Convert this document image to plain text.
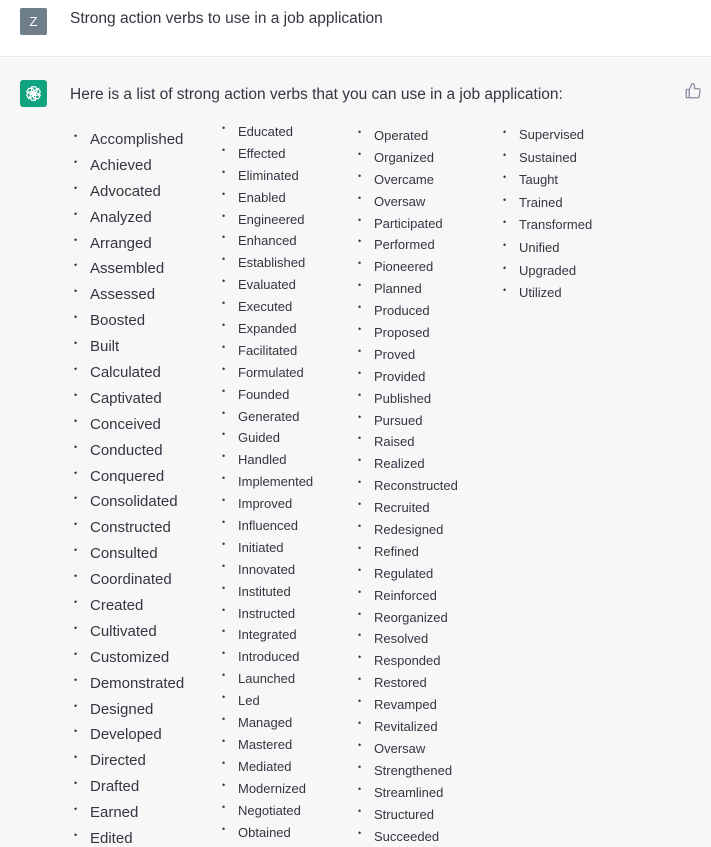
Z Strong action verbs to use in a job application
Here is a list of strong action verbs that you can use in a job application:
• Accomplished
• Achieved
• Advocated
• Analyzed
• Arranged
• Assembled
• Assessed
• Boosted
• Built
• Calculated
• Captivated
• Conceived
• Conducted
• Conquered
• Consolidated
• Constructed
• Consulted
• Coordinated
• Created
• Cultivated
• Customized
• Demonstrated
• Designed
• Developed
• Directed
• Drafted
• Earned
• Edited
• Educated
• Effected
• Eliminated
• Enabled
• Engineered
• Enhanced
• Established
• Evaluated
• Executed
• Expanded
• Facilitated
• Formulated
• Founded
• Generated
• Guided
• Handled
• Implemented
• Improved
• Influenced
• Initiated
• Innovated
• Instituted
• Instructed
• Integrated
• Introduced
• Launched
• Led
• Managed
• Mastered
• Mediated
• Modernized
• Negotiated
• Obtained
• Operated
• Organized
• Overcame
• Oversaw
• Participated
• Performed
• Pioneered
• Planned
• Produced
• Proposed
• Proved
• Provided
• Published
• Pursued
• Raised
• Realized
• Reconstructed
• Recruited
• Redesigned
• Refined
• Regulated
• Reinforced
• Reorganized
• Resolved
• Responded
• Restored
• Revamped
• Revitalized
• Oversaw
• Strengthened
• Streamlined
• Structured
• Succeeded
• Supervised
• Sustained
• Taught
• Trained
• Transformed
• Unified
• Upgraded
• Utilized
